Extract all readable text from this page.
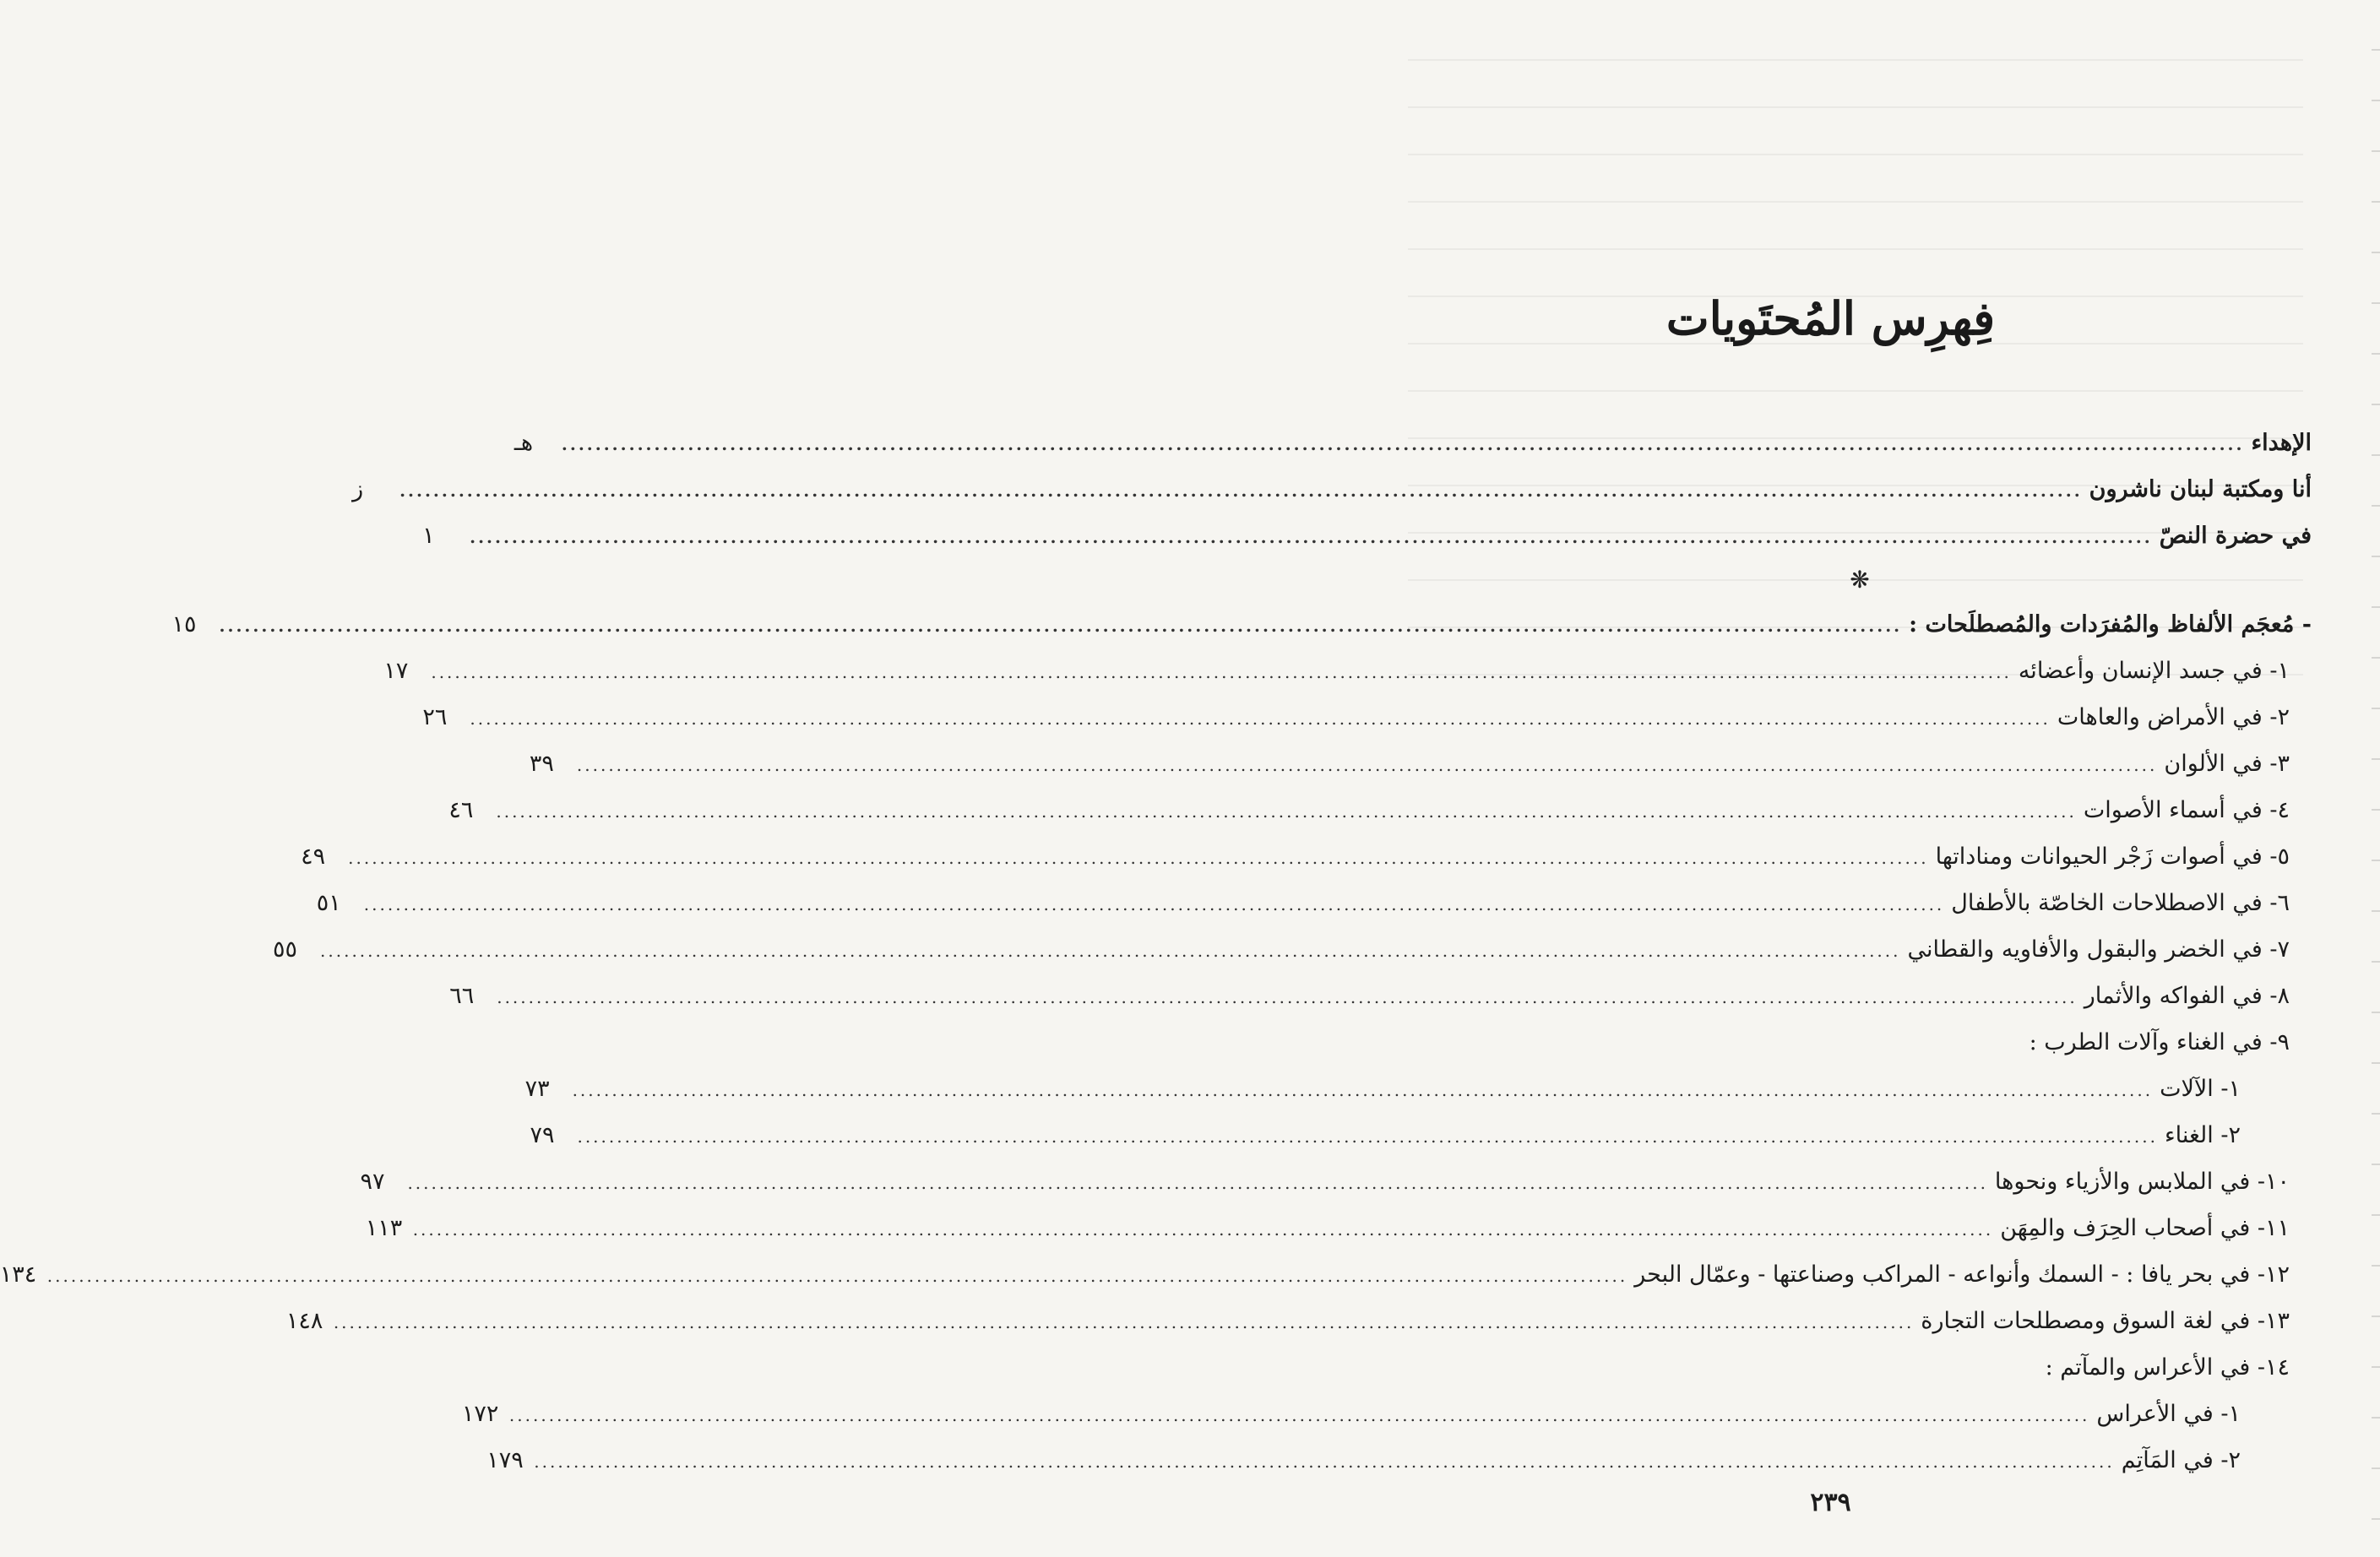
فِهرِس المُحتَويات
الإهداء
........................................................................................................................................................................................................
هـ
أنا ومكتبة لبنان ناشرون
........................................................................................................................................................................................................
ز
في حضرة النصّ
........................................................................................................................................................................................................
١
❋
- مُعجَم الألفاظ والمُفرَدات والمُصطلَحات :
........................................................................................................................................................................................................
١٥
١- في جسد الإنسان وأعضائه
........................................................................................................................................................................................................
١٧
٢- في الأمراض والعاهات
........................................................................................................................................................................................................
٢٦
٣- في الألوان
........................................................................................................................................................................................................
٣٩
٤- في أسماء الأصوات
........................................................................................................................................................................................................
٤٦
٥- في أصوات زَجْر الحيوانات ومناداتها
........................................................................................................................................................................................................
٤٩
٦- في الاصطلاحات الخاصّة بالأطفال
........................................................................................................................................................................................................
٥١
٧- في الخضر والبقول والأفاويه والقطاني
........................................................................................................................................................................................................
٥٥
٨- في الفواكه والأثمار
........................................................................................................................................................................................................
٦٦
٩- في الغناء وآلات الطرب :
١- الآلات
........................................................................................................................................................................................................
٧٣
٢- الغناء
........................................................................................................................................................................................................
٧٩
١٠- في الملابس والأزياء ونحوها
........................................................................................................................................................................................................
٩٧
١١- في أصحاب الحِرَف والمِهَن
........................................................................................................................................................................................................
١١٣
١٢- في بحر يافا : - السمك وأنواعه - المراكب وصناعتها - وعمّال البحر
........................................................................................................................................................................................................
١٣٤
١٣- في لغة السوق ومصطلحات التجارة
........................................................................................................................................................................................................
١٤٨
١٤- في الأعراس والمآتم :
١- في الأعراس
........................................................................................................................................................................................................
١٧٢
٢- في المَآتِم
........................................................................................................................................................................................................
١٧٩
٢٣٩
